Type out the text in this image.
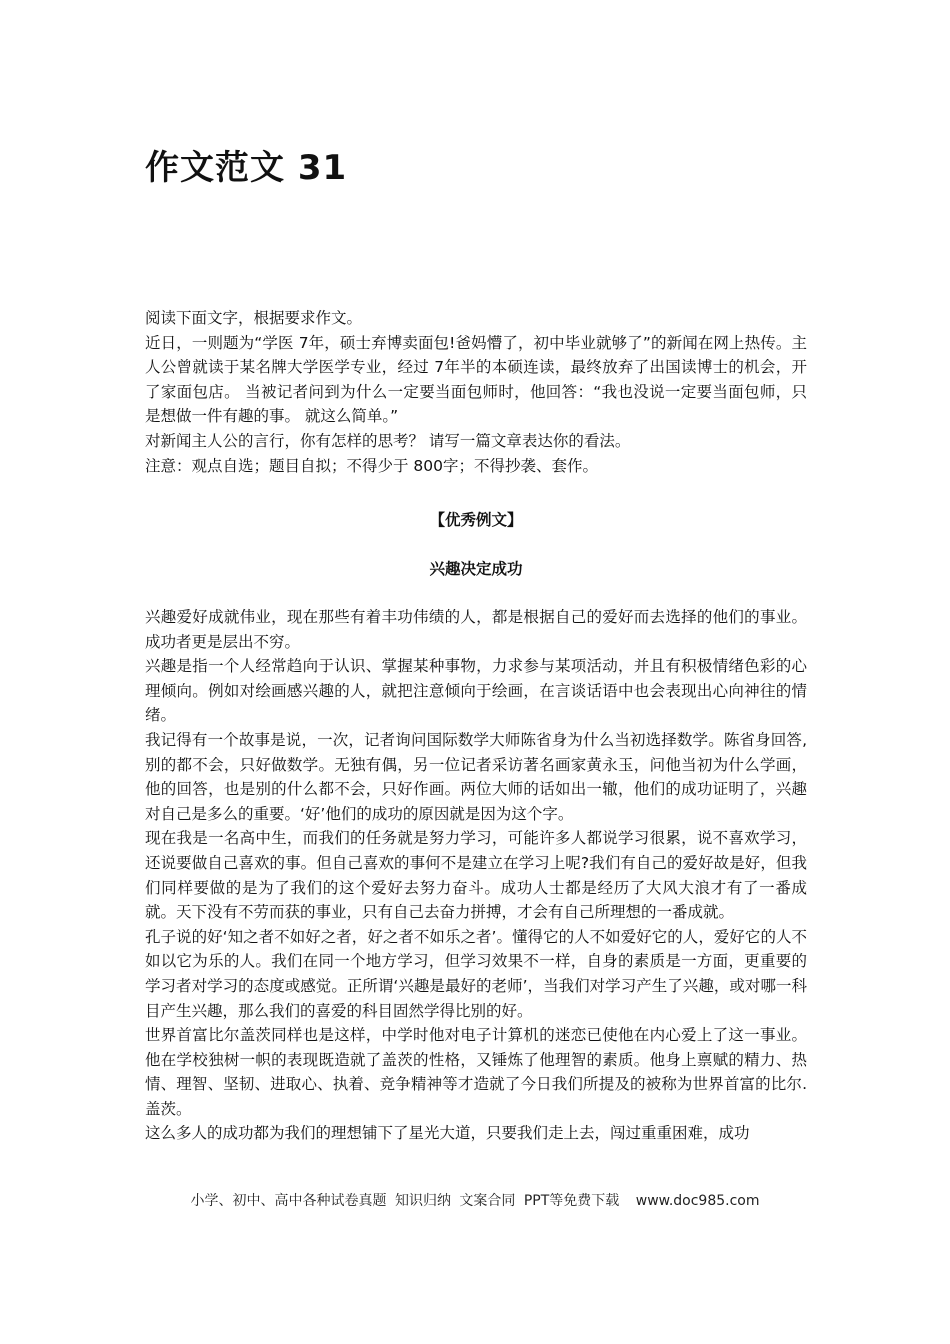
作文范文 31

阅读下面文字，根据要求作文。

近日，一则题为“学医 7年，硕士弃博卖面包!爸妈懵了，初中毕业就够了”的新闻在网上热传。主人公曾就读于某名牌大学医学专业，经过 7年半的本硕连读，最终放弃了出国读博士的机会，开了家面包店。 当被记者问到为什么一定要当面包师时，他回答：“我也没说一定要当面包师，只是想做一件有趣的事。 就这么简单。”

对新闻主人公的言行，你有怎样的思考？ 请写一篇文章表达你的看法。

注意：观点自选；题目自拟；不得少于 800字；不得抄袭、套作。

【优秀例文】
兴趣决定成功

兴趣爱好成就伟业，现在那些有着丰功伟绩的人，都是根据自己的爱好而去选择的他们的事业。成功者更是层出不穷。

兴趣是指一个人经常趋向于认识、掌握某种事物，力求参与某项活动，并且有积极情绪色彩的心理倾向。例如对绘画感兴趣的人，就把注意倾向于绘画，在言谈话语中也会表现出心向神往的情绪。

我记得有一个故事是说，一次，记者询问国际数学大师陈省身为什么当初选择数学。陈省身回答,别的都不会，只好做数学。无独有偶，另一位记者采访著名画家黄永玉，问他当初为什么学画，他的回答，也是别的什么都不会，只好作画。两位大师的话如出一辙，他们的成功证明了，兴趣对自己是多么的重要。‘好’他们的成功的原因就是因为这个字。

现在我是一名高中生，而我们的任务就是努力学习，可能许多人都说学习很累，说不喜欢学习，还说要做自己喜欢的事。但自己喜欢的事何不是建立在学习上呢?我们有自己的爱好故是好，但我们同样要做的是为了我们的这个爱好去努力奋斗。成功人士都是经历了大风大浪才有了一番成就。天下没有不劳而获的事业，只有自己去奋力拼搏，才会有自己所理想的一番成就。

孔子说的好‘知之者不如好之者，好之者不如乐之者’。懂得它的人不如爱好它的人，爱好它的人不如以它为乐的人。我们在同一个地方学习，但学习效果不一样，自身的素质是一方面，更重要的学习者对学习的态度或感觉。正所谓‘兴趣是最好的老师’，当我们对学习产生了兴趣，或对哪一科目产生兴趣，那么我们的喜爱的科目固然学得比别的好。

世界首富比尔盖茨同样也是这样，中学时他对电子计算机的迷恋已使他在内心爱上了这一事业。他在学校独树一帜的表现既造就了盖茨的性格，又锤炼了他理智的素质。他身上禀赋的精力、热情、理智、坚韧、进取心、执着、竞争精神等才造就了今日我们所提及的被称为世界首富的比尔.盖茨。

这么多人的成功都为我们的理想铺下了星光大道，只要我们走上去，闯过重重困难，成功

小学、初中、高中各种试卷真题 知识归纳 文案合同 PPT等免费下载 www.doc985.com
